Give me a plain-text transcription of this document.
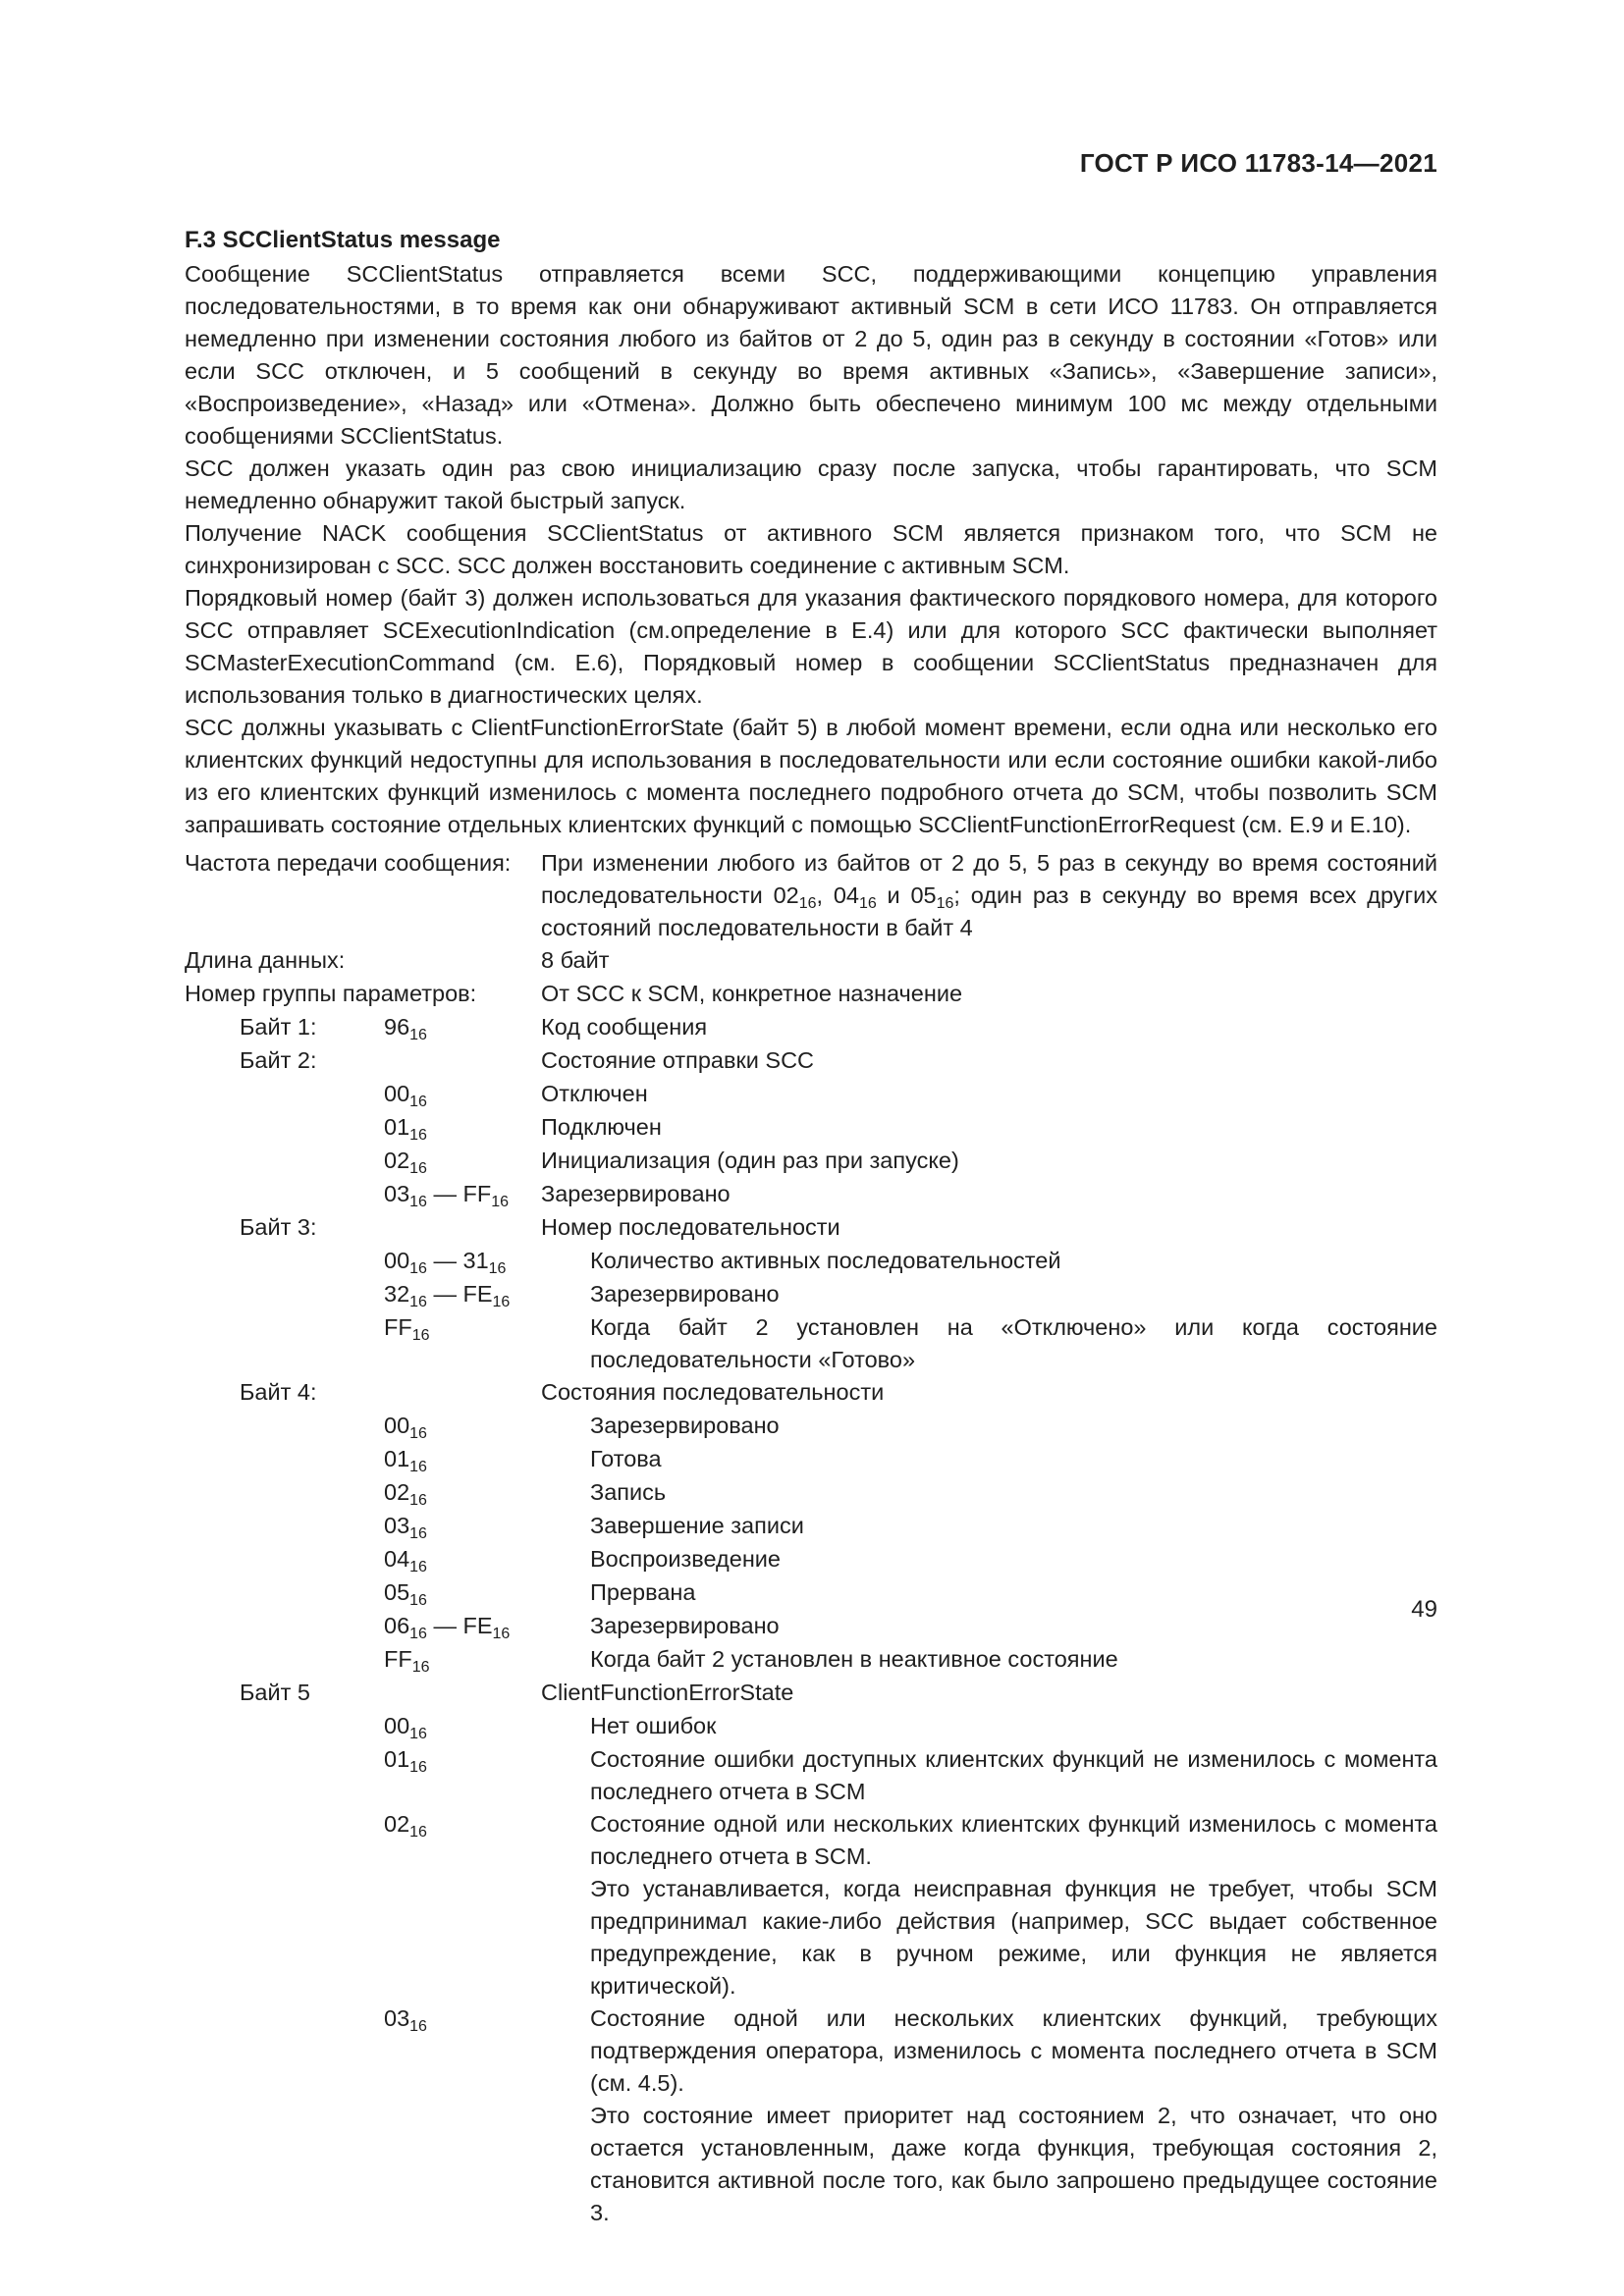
ГОСТ Р ИСО 11783-14—2021
F.3 SCClientStatus message

Сообщение SCClientStatus отправляется всеми SCC, поддерживающими концепцию управления последовательностями, в то время как они обнаруживают активный SCM в сети ИСО 11783. Он отправляется немедленно при изменении состояния любого из байтов от 2 до 5, один раз в секунду в состоянии «Готов» или если SCC отключен, и 5 сообщений в секунду во время активных «Запись», «Завершение записи», «Воспроизведение», «Назад» или «Отмена». Должно быть обеспечено минимум 100 мс между отдельными сообщениями SCClientStatus.

SCC должен указать один раз свою инициализацию сразу после запуска, чтобы гарантировать, что SCM немедленно обнаружит такой быстрый запуск.

Получение NACK сообщения SCClientStatus от активного SCM является признаком того, что SCM не синхронизирован с SCC. SCC должен восстановить соединение с активным SCM.

Порядковый номер (байт 3) должен использоваться для указания фактического порядкового номера, для которого SCC отправляет SCExecutionIndication (см.определение в E.4) или для которого SCC фактически выполняет SCMasterExecutionCommand (см. E.6), Порядковый номер в сообщении SCClientStatus предназначен для использования только в диагностических целях.

SCC должны указывать с ClientFunctionErrorState (байт 5) в любой момент времени, если одна или несколько его клиентских функций недоступны для использования в последовательности или если состояние ошибки какой-либо из его клиентских функций изменилось с момента последнего подробного отчета до SCM, чтобы позволить SCM запрашивать состояние отдельных клиентских функций с помощью SCClientFunctionErrorRequest (см. E.9 и E.10).

Частота передачи сообщения: При изменении любого из байтов от 2 до 5, 5 раз в секунду во время состояний последовательности $02_{16}$, $04_{16}$ и $05_{16}$; один раз в секунду во время всех других состояний последовательности в байт 4
Длина данных:	8 байт
Номер группы параметров:	От SCC к SCM, конкретное назначение
Байт 1:	$96_{16}$	Код сообщения
Байт 2:	Состояние отправки SCC
$00_{16}$	Отключен
$01_{16}$	Подключен
$02_{16}$	Инициализация (один раз при запуске)
$03_{16}$ — $FF_{16}$ Зарезервировано
Байт 3:	Номер последовательности
$00_{16}$ — $31_{16}$	Количество активных последовательностей
$32_{16}$ — $FE_{16}$	Зарезервировано
$FF_{16}$	Когда байт 2 установлен на «Отключено» или когда состояние последовательности «Готово»
Байт 4:	Состояния последовательности
$00_{16}$	Зарезервировано
$01_{16}$	Готова
$02_{16}$	Запись
$03_{16}$	Завершение записи
$04_{16}$	Воспроизведение
$05_{16}$	Прервана
$06_{16}$ — $FE_{16}$	Зарезервировано
$FF_{16}$	Когда байт 2 установлен в неактивное состояние
Байт 5	ClientFunctionErrorState
$00_{16}$	Нет ошибок
$01_{16}$	Состояние ошибки доступных клиентских функций не изменилось с момента последнего отчета в SCM
$02_{16}$	Состояние одной или нескольких клиентских функций изменилось с момента последнего отчета в SCM.
Это устанавливается, когда неисправная функция не требует, чтобы SCM предпринимал какие-либо действия (например, SCC выдает собственное предупреждение, как в ручном режиме, или функция не является критической).
$03_{16}$	Состояние одной или нескольких клиентских функций, требующих подтверждения оператора, изменилось с момента последнего отчета в SCM (см. 4.5).
Это состояние имеет приоритет над состоянием 2, что означает, что оно остается установленным, даже когда функция, требующая состояния 2, становится активной после того, как было запрошено предыдущее состояние 3.
49
